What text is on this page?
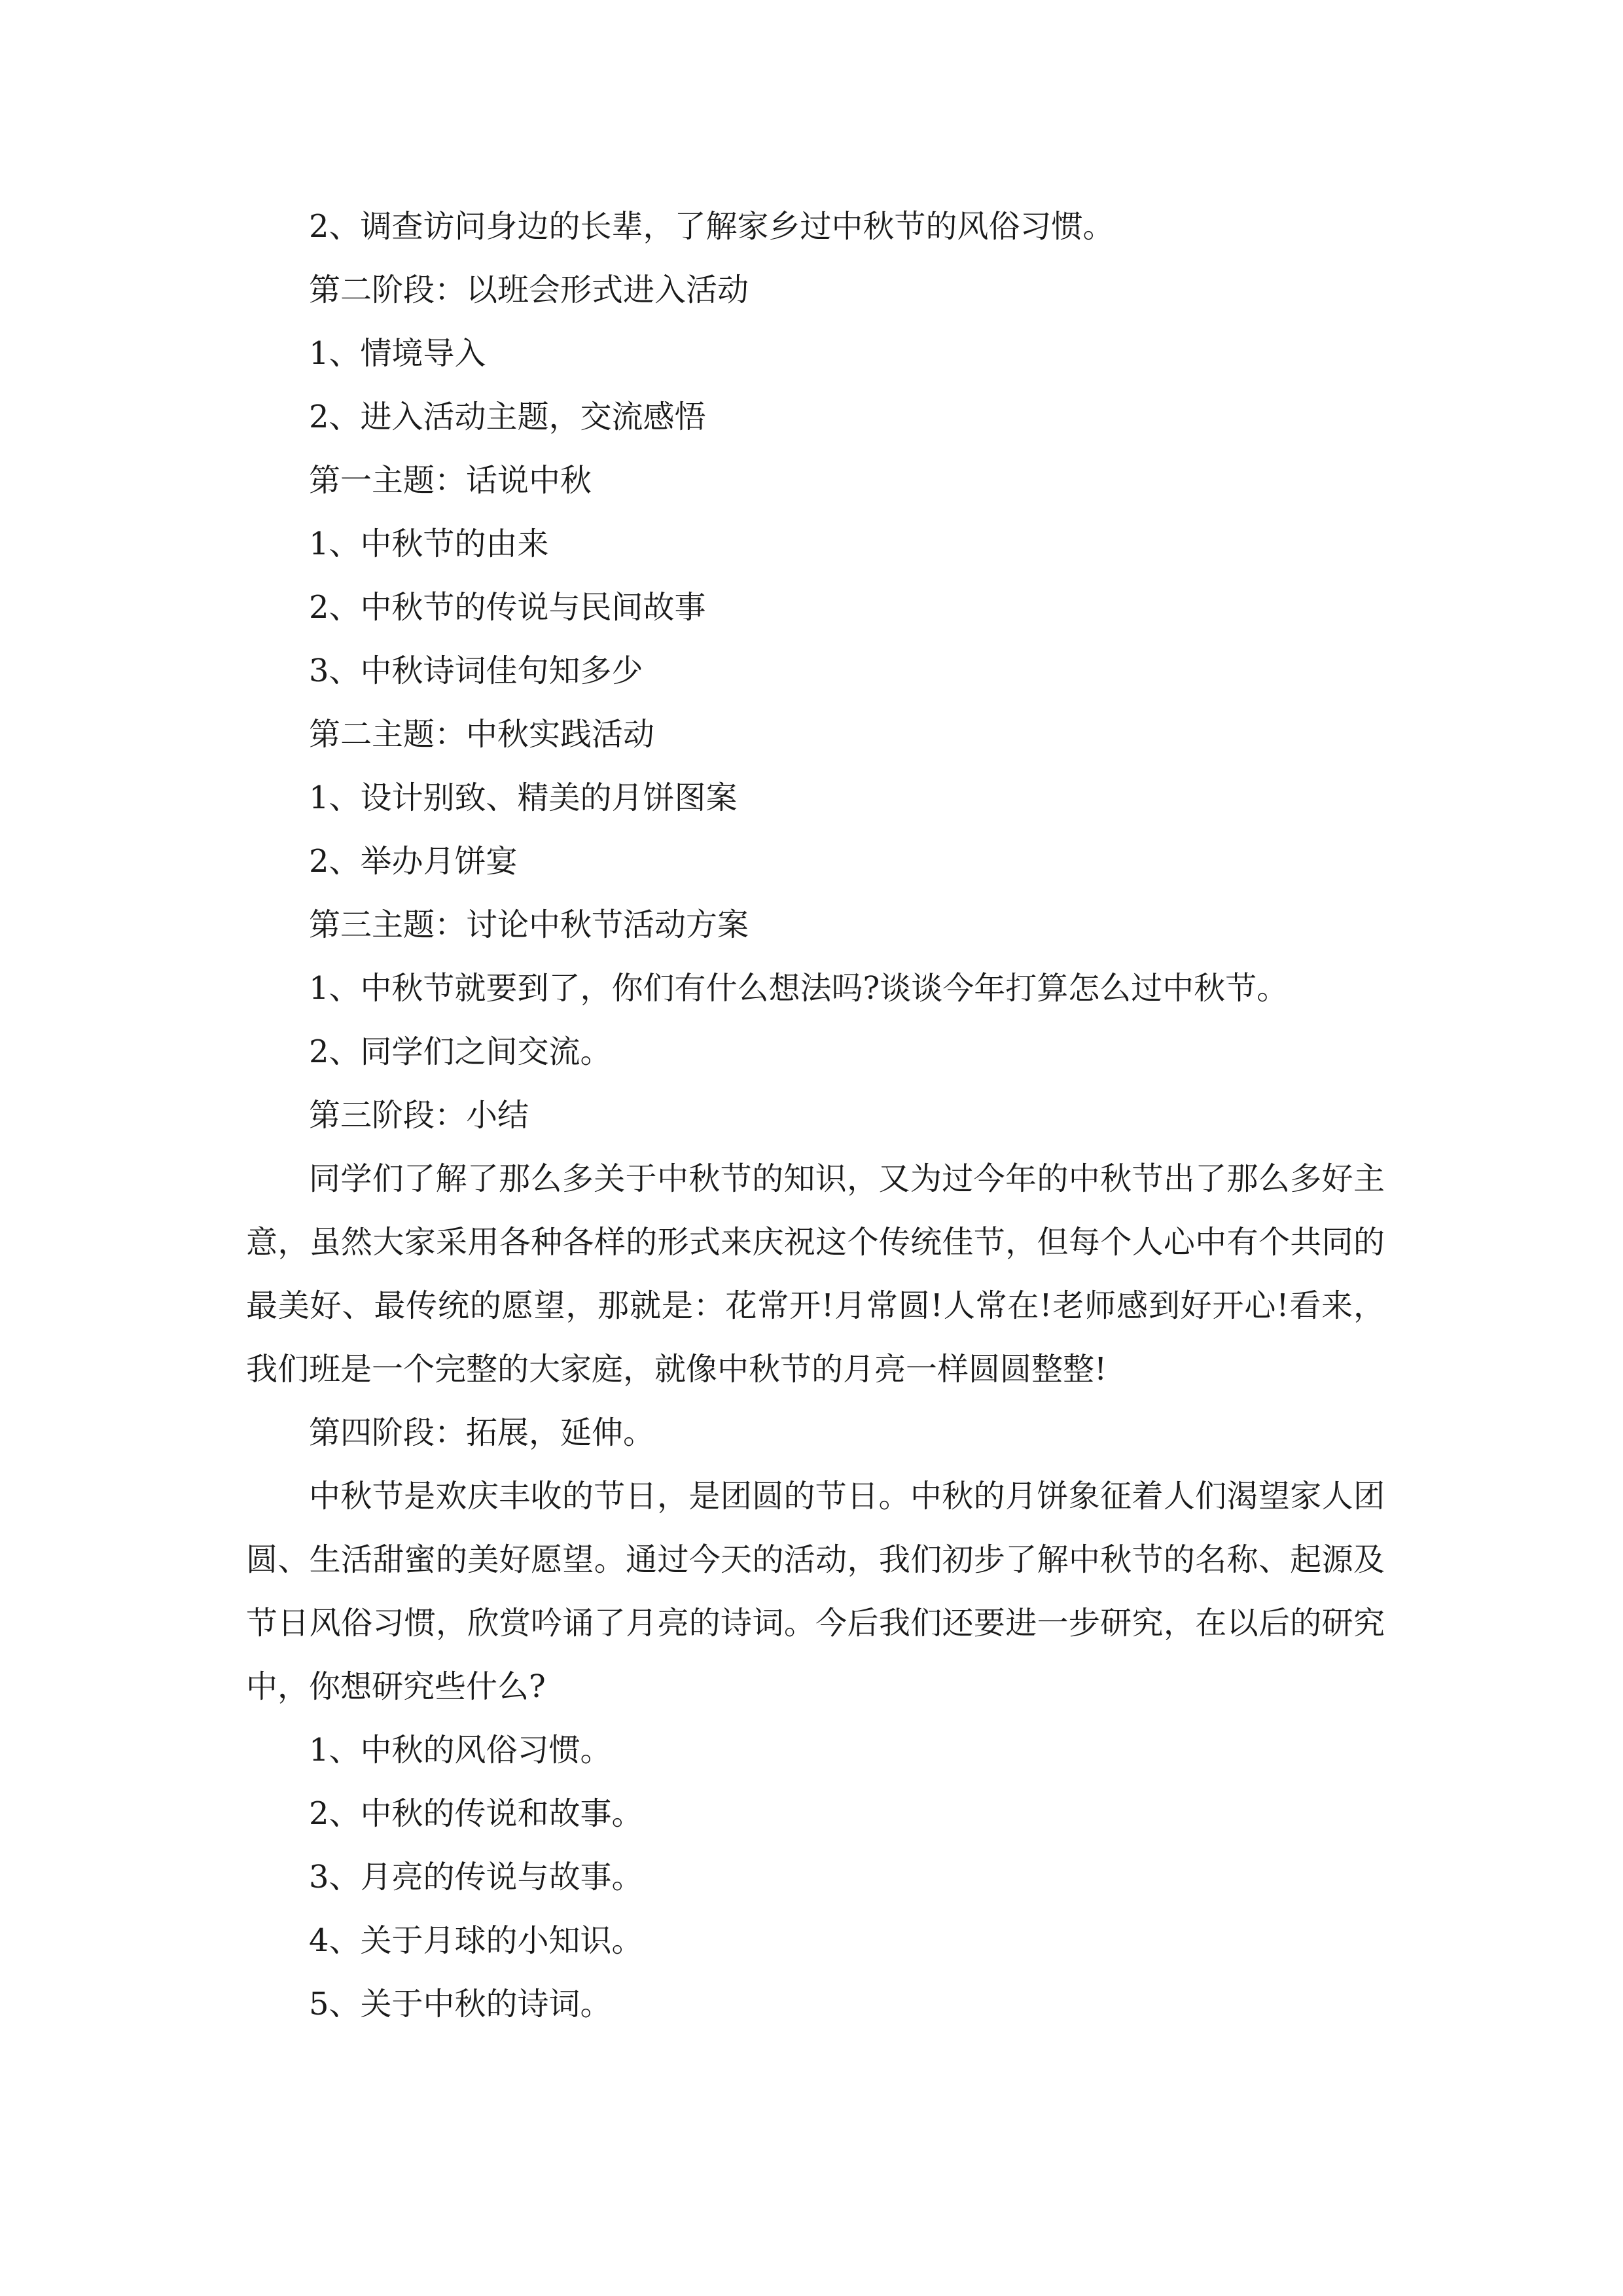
2、调查访问身边的长辈，了解家乡过中秋节的风俗习惯。
第二阶段：以班会形式进入活动
1、情境导入
2、进入活动主题，交流感悟
第一主题：话说中秋
1、中秋节的由来
2、中秋节的传说与民间故事
3、中秋诗词佳句知多少
第二主题：中秋实践活动
1、设计别致、精美的月饼图案
2、举办月饼宴
第三主题：讨论中秋节活动方案
1、中秋节就要到了，你们有什么想法吗?谈谈今年打算怎么过中秋节。
2、同学们之间交流。
第三阶段：小结
同学们了解了那么多关于中秋节的知识，又为过今年的中秋节出了那么多好主意，虽然大家采用各种各样的形式来庆祝这个传统佳节，但每个人心中有个共同的最美好、最传统的愿望，那就是：花常开!月常圆!人常在!老师感到好开心!看来，我们班是一个完整的大家庭，就像中秋节的月亮一样圆圆整整!
第四阶段：拓展，延伸。
中秋节是欢庆丰收的节日，是团圆的节日。中秋的月饼象征着人们渴望家人团圆、生活甜蜜的美好愿望。通过今天的活动，我们初步了解中秋节的名称、起源及节日风俗习惯，欣赏吟诵了月亮的诗词。今后我们还要进一步研究，在以后的研究中，你想研究些什么?
1、中秋的风俗习惯。
2、中秋的传说和故事。
3、月亮的传说与故事。
4、关于月球的小知识。
5、关于中秋的诗词。
